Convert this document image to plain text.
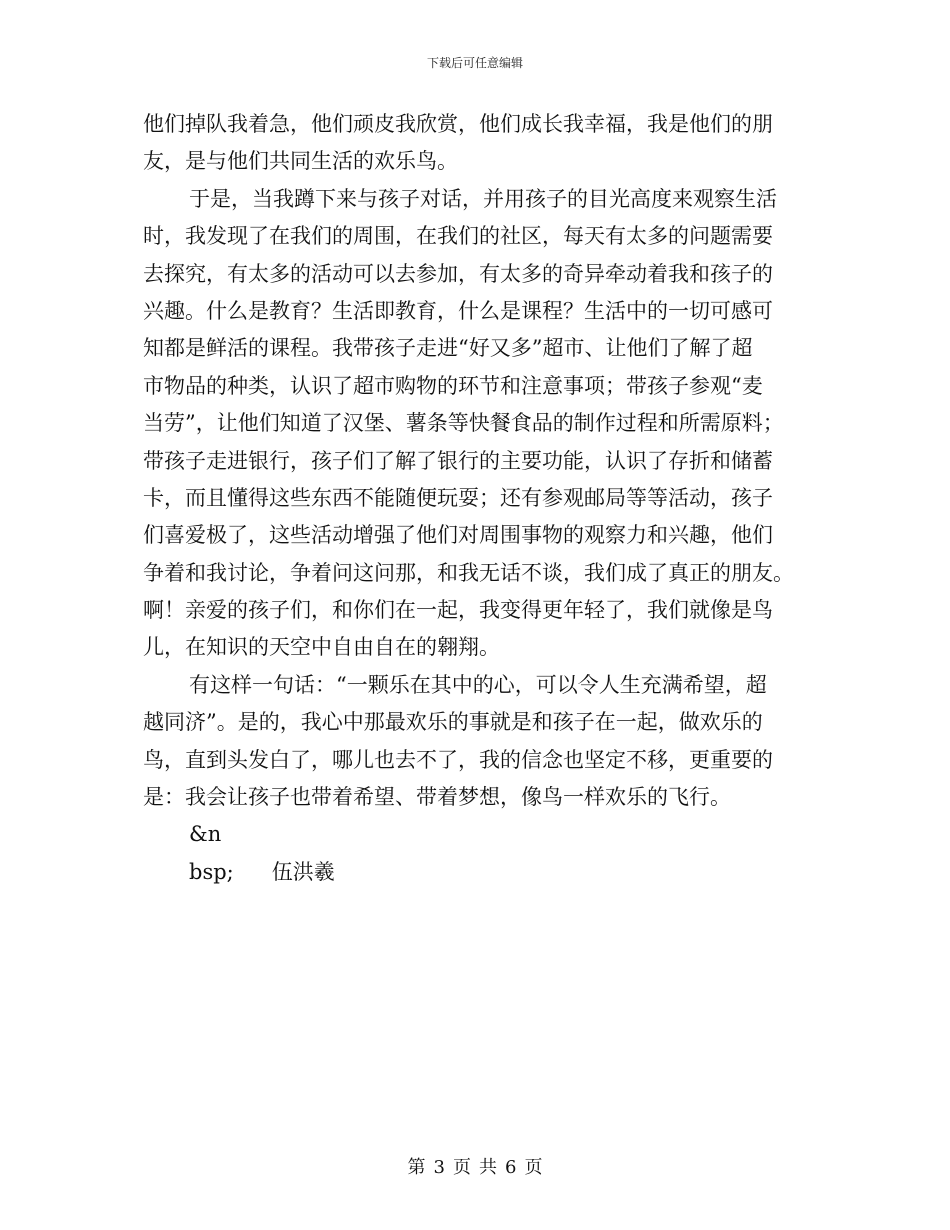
下载后可任意编辑
他们掉队我着急，他们顽皮我欣赏，他们成长我幸福，我是他们的朋
友，是与他们共同生活的欢乐鸟。
于是，当我蹲下来与孩子对话，并用孩子的目光高度来观察生活
时，我发现了在我们的周围，在我们的社区，每天有太多的问题需要
去探究，有太多的活动可以去参加，有太多的奇异牵动着我和孩子的
兴趣。什么是教育？生活即教育，什么是课程？生活中的一切可感可
知都是鲜活的课程。我带孩子走进“好又多”超市、让他们了解了超
市物品的种类，认识了超市购物的环节和注意事项；带孩子参观“麦
当劳”，让他们知道了汉堡、薯条等快餐食品的制作过程和所需原料；
带孩子走进银行，孩子们了解了银行的主要功能，认识了存折和储蓄
卡，而且懂得这些东西不能随便玩耍；还有参观邮局等等活动，孩子
们喜爱极了，这些活动增强了他们对周围事物的观察力和兴趣，他们
争着和我讨论，争着问这问那，和我无话不谈，我们成了真正的朋友。
啊！亲爱的孩子们，和你们在一起，我变得更年轻了，我们就像是鸟
儿，在知识的天空中自由自在的翱翔。
有这样一句话：“一颗乐在其中的心，可以令人生充满希望，超
越同济”。是的，我心中那最欢乐的事就是和孩子在一起，做欢乐的
鸟，直到头发白了，哪儿也去不了，我的信念也坚定不移，更重要的
是：我会让孩子也带着希望、带着梦想，像鸟一样欢乐的飞行。
&n
bsp; 伍洪羲
第 3 页 共 6 页
